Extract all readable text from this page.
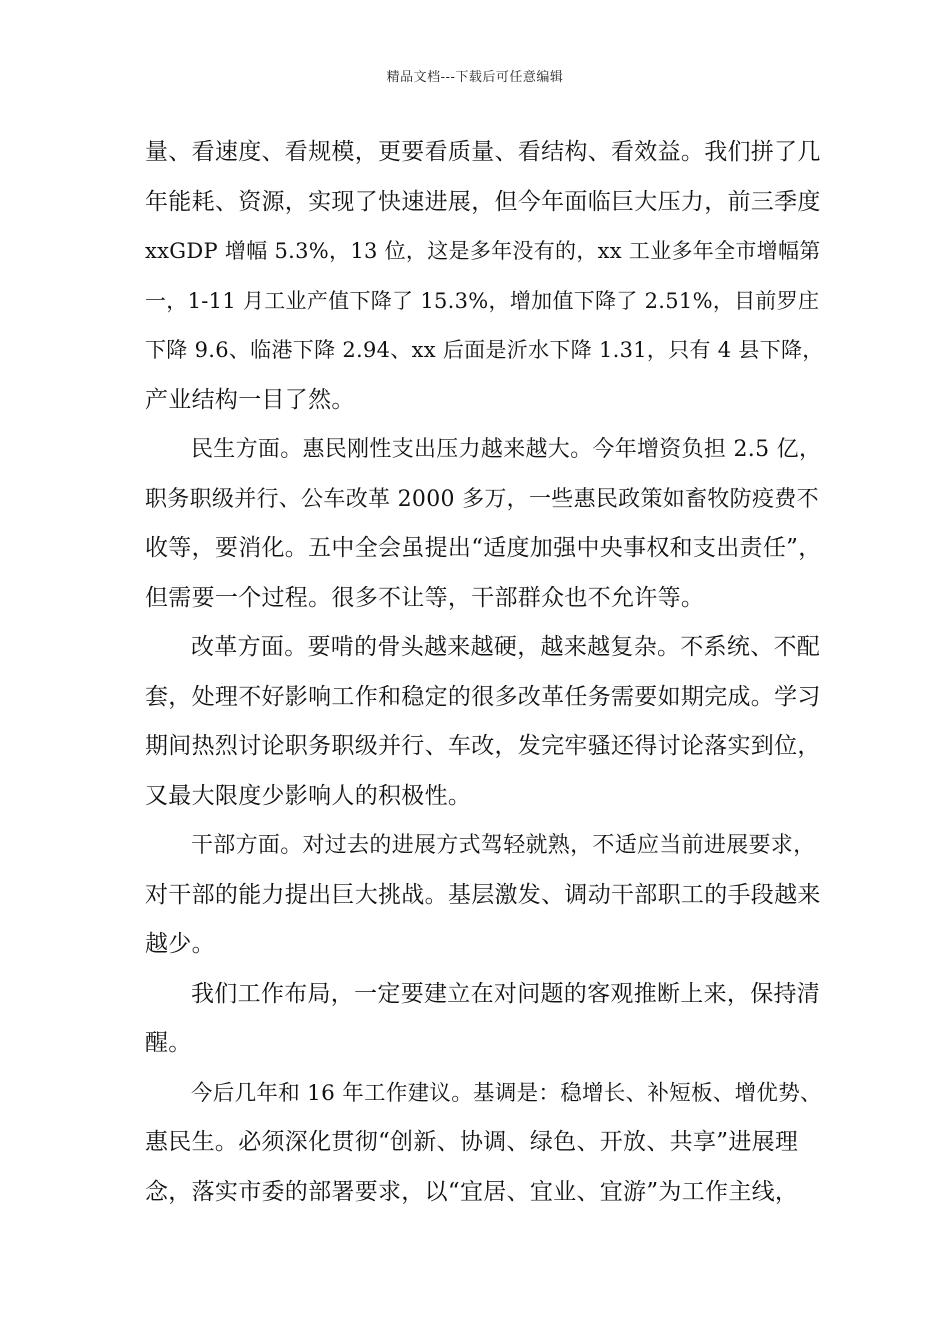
精品文档---下载后可任意编辑
量、看速度、看规模，更要看质量、看结构、看效益。我们拼了几
年能耗、资源，实现了快速进展，但今年面临巨大压力，前三季度
xxGDP 增幅 5.3%，13 位，这是多年没有的，xx 工业多年全市增幅第
一，1-11 月工业产值下降了 15.3%，增加值下降了 2.51%，目前罗庄
下降 9.6、临港下降 2.94、xx 后面是沂水下降 1.31，只有 4 县下降，
产业结构一目了然。
民生方面。惠民刚性支出压力越来越大。今年增资负担 2.5 亿，
职务职级并行、公车改革 2000 多万，一些惠民政策如畜牧防疫费不
收等，要消化。五中全会虽提出“适度加强中央事权和支出责任”，
但需要一个过程。很多不让等，干部群众也不允许等。
改革方面。要啃的骨头越来越硬，越来越复杂。不系统、不配
套，处理不好影响工作和稳定的很多改革任务需要如期完成。学习
期间热烈讨论职务职级并行、车改，发完牢骚还得讨论落实到位，
又最大限度少影响人的积极性。
干部方面。对过去的进展方式驾轻就熟，不适应当前进展要求，
对干部的能力提出巨大挑战。基层激发、调动干部职工的手段越来
越少。
我们工作布局，一定要建立在对问题的客观推断上来，保持清
醒。
今后几年和 16 年工作建议。基调是：稳增长、补短板、增优势、
惠民生。必须深化贯彻“创新、协调、绿色、开放、共享”进展理
念，落实市委的部署要求，以“宜居、宜业、宜游”为工作主线，
